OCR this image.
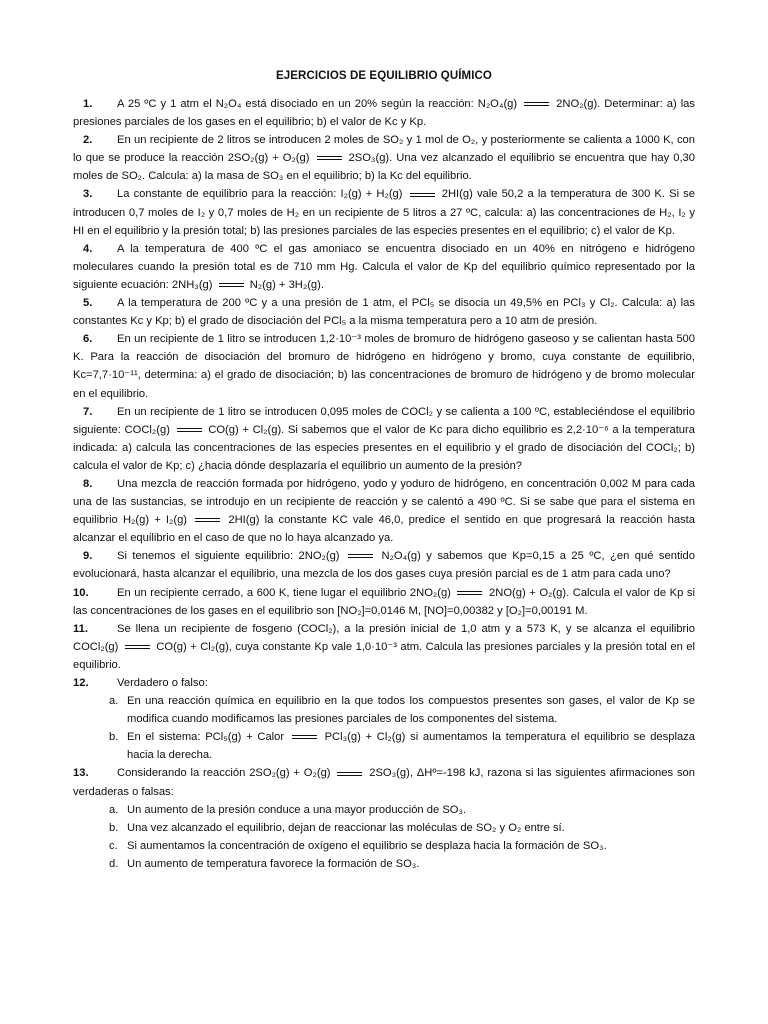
EJERCICIOS DE EQUILIBRIO QUÍMICO
1. A 25 ºC y 1 atm el N₂O₄ está disociado en un 20% según la reacción: N₂O₄(g)	2NO₂(g). Determinar: a) las presiones parciales de los gases en el equilibrio; b) el valor de Kc y Kp.
2. En un recipiente de 2 litros se introducen 2 moles de SO₂ y 1 mol de O₂, y posteriormente se calienta a 1000 K, con lo que se produce la reacción 2SO₂(g) + O₂(g)	2SO₃(g). Una vez alcanzado el equilibrio se encuentra que hay 0,30 moles de SO₂. Calcula: a) la masa de SO₃ en el equilibrio; b) la Kc del equilibrio.
3. La constante de equilibrio para la reacción: I₂(g) + H₂(g)	2HI(g) vale 50,2 a la temperatura de 300 K. Si se introducen 0,7 moles de I₂ y 0,7 moles de H₂ en un recipiente de 5 litros a 27 ºC, calcula: a) las concentraciones de H₂, I₂ y HI en el equilibrio y la presión total; b) las presiones parciales de las especies presentes en el equilibrio; c) el valor de Kp.
4. A la temperatura de 400 ºC el gas amoniaco se encuentra disociado en un 40% en nitrógeno e hidrógeno moleculares cuando la presión total es de 710 mm Hg. Calcula el valor de Kp del equilibrio químico representado por la siguiente ecuación: 2NH₃(g)	N₂(g) + 3H₂(g).
5. A la temperatura de 200 ºC y a una presión de 1 atm, el PCl₅ se disocia un 49,5% en PCl₃ y Cl₂. Calcula: a) las constantes Kc y Kp; b) el grado de disociación del PCl₅ a la misma temperatura pero a 10 atm de presión.
6. En un recipiente de 1 litro se introducen 1,2·10⁻³ moles de bromuro de hidrógeno gaseoso y se calientan hasta 500 K. Para la reacción de disociación del bromuro de hidrógeno en hidrógeno y bromo, cuya constante de equilibrio, Kc=7,7·10⁻¹¹, determina: a) el grado de disociación; b) las concentraciones de bromuro de hidrógeno y de bromo molecular en el equilibrio.
7. En un recipiente de 1 litro se introducen 0,095 moles de COCl₂ y se calienta a 100 ºC, estableciéndose el equilibrio siguiente: COCl₂(g)	CO(g) + Cl₂(g). Si sabemos que el valor de Kc para dicho equilibrio es 2,2·10⁻⁶ a la temperatura indicada: a) calcula las concentraciones de las especies presentes en el equilibrio y el grado de disociación del COCl₂; b) calcula el valor de Kp; c) ¿hacia dónde desplazaría el equilibrio un aumento de la presión?
8. Una mezcla de reacción formada por hidrógeno, yodo y yoduro de hidrógeno, en concentración 0,002 M para cada una de las sustancias, se introdujo en un recipiente de reacción y se calentó a 490 ºC. Si se sabe que para el sistema en equilibrio H₂(g) + I₂(g)	2HI(g) la constante KC vale 46,0, predice el sentido en que progresará la reacción hasta alcanzar el equilibrio en el caso de que no lo haya alcanzado ya.
9. Si tenemos el siguiente equilibrio: 2NO₂(g)	N₂O₄(g) y sabemos que Kp=0,15 a 25 ºC, ¿en qué sentido evolucionará, hasta alcanzar el equilibrio, una mezcla de los dos gases cuya presión parcial es de 1 atm para cada uno?
10.	En un recipiente cerrado, a 600 K, tiene lugar el equilibrio 2NO₂(g)	2NO(g) + O₂(g). Calcula el valor de Kp si las concentraciones de los gases en el equilibrio son [NO₂]=0,0146 M, [NO]=0,00382 y [O₂]=0,00191 M.
11.	Se llena un recipiente de fosgeno (COCl₂), a la presión inicial de 1,0 atm y a 573 K, y se alcanza el equilibrio COCl₂(g)	CO(g) + Cl₂(g), cuya constante Kp vale 1,0·10⁻³ atm. Calcula las presiones parciales y la presión total en el equilibrio.
12.	Verdadero o falso:
a. En una reacción química en equilibrio en la que todos los compuestos presentes son gases, el valor de Kp se modifica cuando modificamos las presiones parciales de los componentes del sistema.
b. En el sistema: PCl₅(g) + Calor	PCl₃(g) + Cl₂(g) si aumentamos la temperatura el equilibrio se desplaza hacia la derecha.
13.	Considerando la reacción 2SO₂(g) + O₂(g)	2SO₃(g), ΔHº=-198 kJ, razona si las siguientes afirmaciones son verdaderas o falsas:
a. Un aumento de la presión conduce a una mayor producción de SO₃.
b. Una vez alcanzado el equilibrio, dejan de reaccionar las moléculas de SO₂ y O₂ entre sí.
c. Si aumentamos la concentración de oxígeno el equilibrio se desplaza hacia la formación de SO₃.
d. Un aumento de temperatura favorece la formación de SO₃.
